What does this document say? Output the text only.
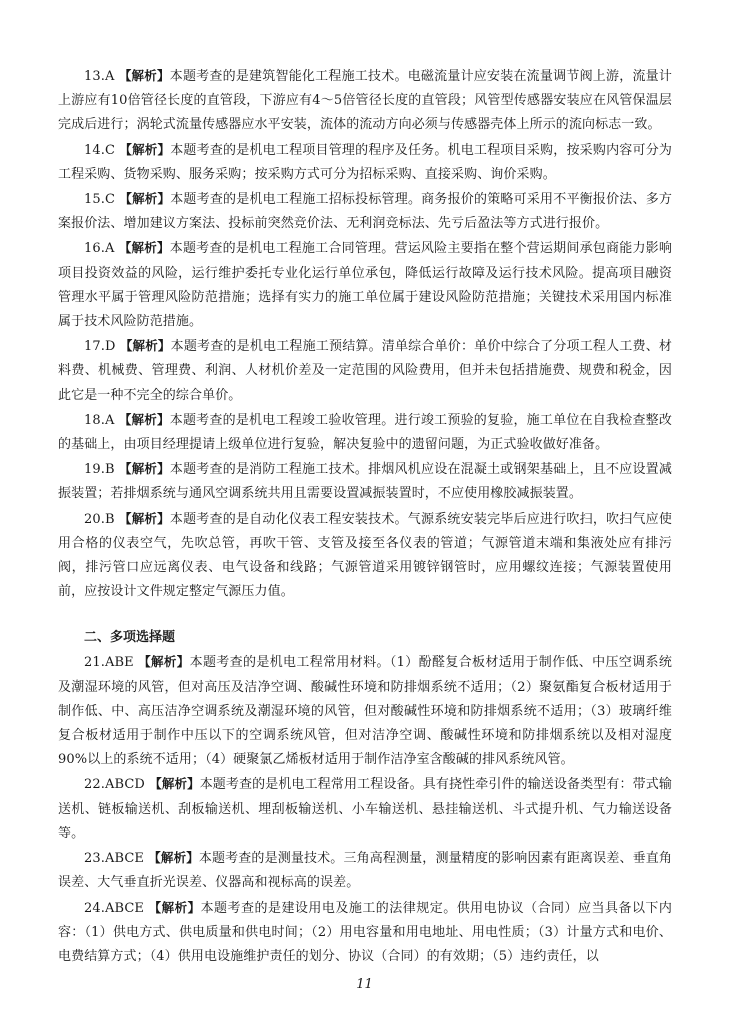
13.A 【解析】本题考查的是建筑智能化工程施工技术。电磁流量计应安装在流量调节阀上游，流量计上游应有10倍管径长度的直管段，下游应有4～5倍管径长度的直管段；风管型传感器安装应在风管保温层完成后进行；涡轮式流量传感器应水平安装，流体的流动方向必须与传感器壳体上所示的流向标志一致。

14.C 【解析】本题考查的是机电工程项目管理的程序及任务。机电工程项目采购，按采购内容可分为工程采购、货物采购、服务采购；按采购方式可分为招标采购、直接采购、询价采购。

15.C 【解析】本题考查的是机电工程施工招标投标管理。商务报价的策略可采用不平衡报价法、多方案报价法、增加建议方案法、投标前突然竞价法、无利润竞标法、先亏后盈法等方式进行报价。

16.A 【解析】本题考查的是机电工程施工合同管理。营运风险主要指在整个营运期间承包商能力影响项目投资效益的风险，运行维护委托专业化运行单位承包，降低运行故障及运行技术风险。提高项目融资管理水平属于管理风险防范措施；选择有实力的施工单位属于建设风险防范措施；关键技术采用国内标准属于技术风险防范措施。

17.D 【解析】本题考查的是机电工程施工预结算。清单综合单价：单价中综合了分项工程人工费、材料费、机械费、管理费、利润、人材机价差及一定范围的风险费用，但并未包括措施费、规费和税金，因此它是一种不完全的综合单价。

18.A 【解析】本题考查的是机电工程竣工验收管理。进行竣工预验的复验，施工单位在自我检查整改的基础上，由项目经理提请上级单位进行复验，解决复验中的遗留问题，为正式验收做好准备。

19.B 【解析】本题考查的是消防工程施工技术。排烟风机应设在混凝土或钢架基础上，且不应设置减振装置；若排烟系统与通风空调系统共用且需要设置减振装置时，不应使用橡胶减振装置。

20.B 【解析】本题考查的是自动化仪表工程安装技术。气源系统安装完毕后应进行吹扫，吹扫气应使用合格的仪表空气，先吹总管，再吹干管、支管及接至各仪表的管道；气源管道末端和集液处应有排污阀，排污管口应远离仪表、电气设备和线路；气源管道采用镀锌钢管时，应用螺纹连接；气源装置使用前，应按设计文件规定整定气源压力值。

二、多项选择题

21.ABE 【解析】本题考查的是机电工程常用材料。（1）酚醛复合板材适用于制作低、中压空调系统及潮湿环境的风管，但对高压及洁净空调、酸碱性环境和防排烟系统不适用；（2）聚氨酯复合板材适用于制作低、中、高压洁净空调系统及潮湿环境的风管，但对酸碱性环境和防排烟系统不适用；（3）玻璃纤维复合板材适用于制作中压以下的空调系统风管，但对洁净空调、酸碱性环境和防排烟系统以及相对湿度90%以上的系统不适用；（4）硬聚氯乙烯板材适用于制作洁净室含酸碱的排风系统风管。

22.ABCD 【解析】本题考查的是机电工程常用工程设备。具有挠性牵引件的输送设备类型有：带式输送机、链板输送机、刮板输送机、埋刮板输送机、小车输送机、悬挂输送机、斗式提升机、气力输送设备等。

23.ABCE 【解析】本题考查的是测量技术。三角高程测量，测量精度的影响因素有距离误差、垂直角误差、大气垂直折光误差、仪器高和视标高的误差。

24.ABCE 【解析】本题考查的是建设用电及施工的法律规定。供用电协议（合同）应当具备以下内容：（1）供电方式、供电质量和供电时间；（2）用电容量和用电地址、用电性质；（3）计量方式和电价、电费结算方式；（4）供用电设施维护责任的划分、协议（合同）的有效期；（5）违约责任，以

11
